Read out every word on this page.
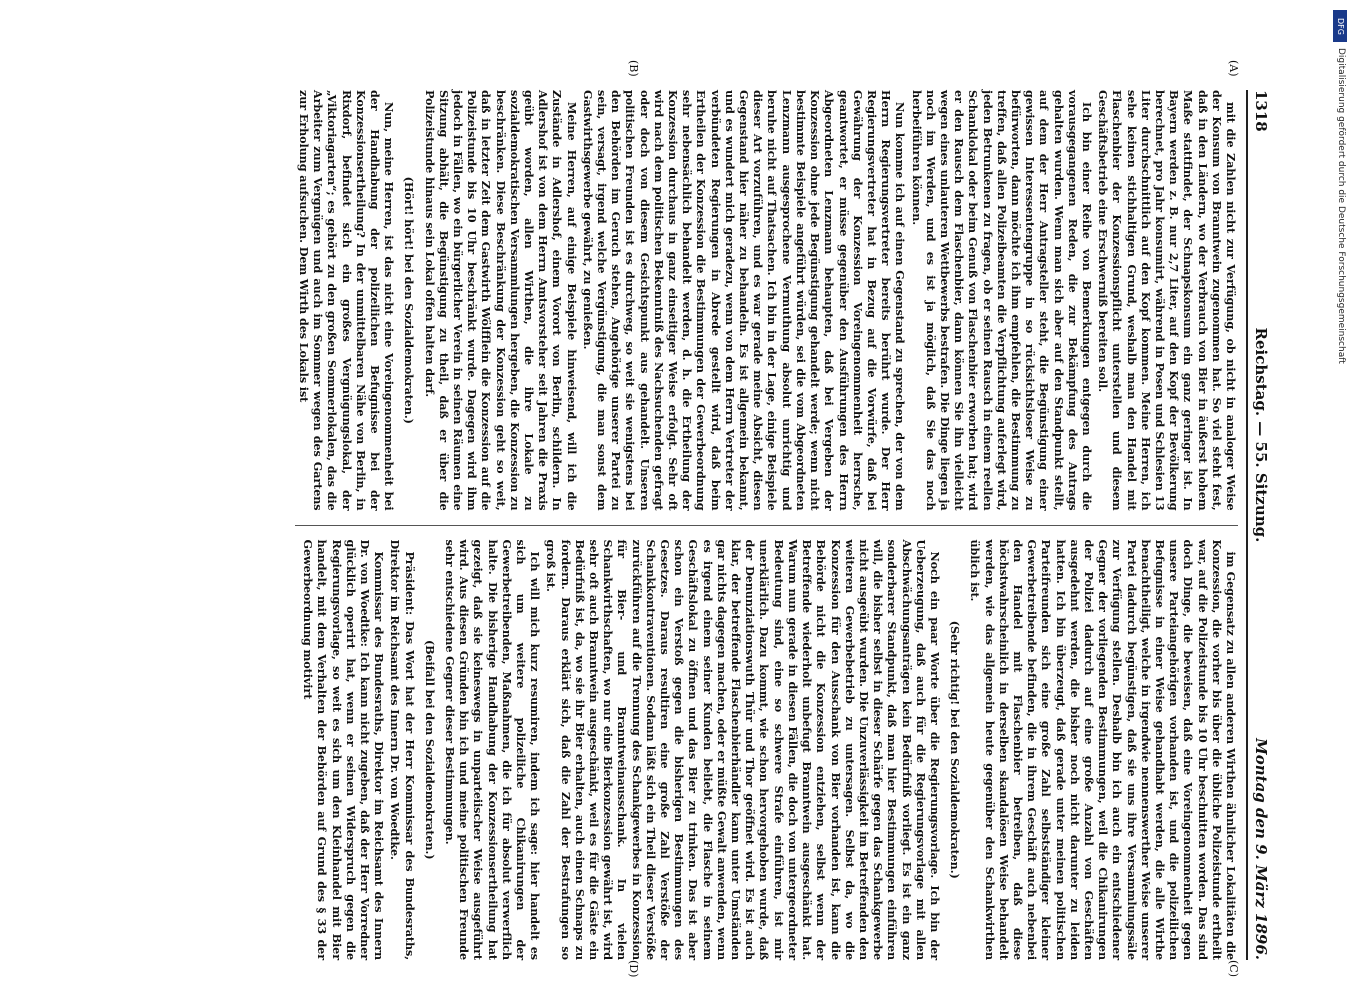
1318
Reichstag. — 55. Sitzung.
Montag den 9. März 1896.

mit die Zahlen nicht zur Verfügung, ob nicht in analoger Weise der Konsum von Branntwein zugenommen hat. So viel steht fest, daß in den Ländern, wo der Verbrauch von Bier in äußerst hohem Maße stattfindet, der Schnapskonsum ein ganz geringer ist. In Bayern werden z. B. nur 2,7 Liter, auf den Kopf der Bevölkerung berechnet, pro Jahr konsumirt, während in Posen und Schlesien 13 Liter durchschnittlich auf den Kopf kommen. Meine Herren, ich sehe keinen stichhaltigen Grund, weshalb man den Handel mit Flaschenbier der Konzessionspflicht unterstellen und diesem Geschäftsbetrieb eine Erschwerniß bereiten soll.

Ich bin einer Reihe von Bemerkungen entgegen durch die vorausgegangenen Reden, die zur Bekämpfung des Antrags gehalten wurden. Wenn man sich aber auf den Standpunkt stellt, auf dem der Herr Antragsteller steht, die Begünstigung einer gewissen Interessentengruppe in so rücksichtsloser Weise zu befürworten, dann möchte ich ihm empfehlen, die Bestimmung zu treffen, daß allen Polizeibeamten die Verpflichtung auferlegt wird, jeden Betrunkenen zu fragen, ob er seinen Rausch in einem reellen Schanklokal oder beim Genuß von Flaschenbier erworben hat; wird er den Rausch dem Flaschenbier, dann können Sie ihn vielleicht wegen eines unlauteren Wettbewerbs bestrafen. Die Dinge liegen ja noch im Werden, und es ist ja möglich, daß Sie das noch herbeiführen können.

Nun komme ich auf einen Gegenstand zu sprechen, der von dem Herrn Regierungsvertreter bereits berührt wurde. Der Herr Regierungsvertreter hat in Bezug auf die Vorwürfe, daß bei Gewährung der Konzession Voreingenommenheit herrsche, geantwortet, er müsse gegenüber den Ausführungen des Herrn Abgeordneten Lenzmann behaupten, daß bei Vergeben der Konzession ohne jede Begünstigung gehandelt werde; wenn nicht bestimmte Beispiele angeführt würden, sei die vom Abgeordneten Lenzmann ausgesprochene Vermuthung absolut unrichtig und beruhe nicht auf Thatsachen. Ich bin in der Lage, einige Beispiele dieser Art vorzuführen, und es war gerade meine Absicht, diesen Gegenstand hier näher zu behandeln. Es ist allgemein bekannt, und es wundert mich geradezu, wenn von dem Herrn Vertreter der verbündeten Regierungen in Abrede gestellt wird, daß beim Ertheilen der Konzession die Bestimmungen der Gewerbeordnung sehr nebensächlich behandelt werden, d. h. die Ertheilung der Konzession durchaus in ganz einseitiger Weise erfolgt. Sehr oft wird nach dem politischen Bekenntniß des Nachsuchenden gefragt oder doch von diesem Gesichtspunkt aus gehandelt. Unseren politischen Freunden ist es durchweg, so weit sie wenigstens bei den Behörden im Geruch stehen, Angehörige unserer Partei zu sein, versagt, irgend welche Vergünstigung, die man sonst dem Gastwirthsgewerbe gewährt, zu genießen.

Meine Herren, auf einige Beispiele hinweisend, will ich die Zustände in Adlershof, einem Vorort von Berlin, schildern. In Adlershof ist von dem Herrn Amtsvorsteher seit Jahren die Praxis geübt worden, allen Wirthen, die ihre Lokale zu sozialdemokratischen Versammlungen hergeben, die Konzession zu beschränken. Diese Beschränkung der Konzession geht so weit, daß in letzter Zeit dem Gastwirth Wölfflein die Konzession auf die Polizeistunde bis 10 Uhr beschränkt wurde. Dagegen wird ihm jedoch in Fällen, wo ein bürgerlicher Verein in seinen Räumen eine Sitzung abhält, die Begünstigung zu theil, daß er über die Polizeistunde hinaus sein Lokal offen halten darf.

(Hört! hört! bei den Sozialdemokraten.)

Nun, meine Herren, ist das nicht eine Voreingenommenheit bei der Handhabung der polizeilichen Befugnisse bei der Konzessionsertheilung? In der unmittelbaren Nähe von Berlin, in Rixdorf, befindet sich ein großes Vergnügungslokal, der „Viktoriagarten“; es gehört zu den großen Sommerlokalen, das die Arbeiter zum Vergnügen und auch im Sommer wegen des Gartens zur Erholung aufsuchen. Dem Wirth des Lokals ist

im Gegensatz zu allen anderen Wirthen ähnlicher Lokalitäten die Konzession, die vorher bis über die übliche Polizeistunde ertheilt war, auf die Polizeistunde bis 10 Uhr beschnitten worden. Das sind doch Dinge, die beweisen, daß eine Voreingenommenheit gegen unsere Parteiangehörigen vorhanden ist, und die polizeilichen Befugnisse in einer Weise gehandhabt werden, die alle Wirthe benachtheiligt, welche in irgendwie nennenswerther Weise unserer Partei dadurch begünstigen, daß sie uns ihre Versammlungssäle zur Verfügung stellen. Deshalb bin ich auch ein entschiedener Gegner der vorliegenden Bestimmungen, weil die Chikanirungen der Polizei dadurch auf eine große Anzahl von Geschäften ausgedehnt werden, die bisher noch nicht darunter zu leiden hatten. Ich bin überzeugt, daß gerade unter meinen politischen Parteifreunden sich eine große Zahl selbstständiger kleiner Gewerbetreibende befinden, die in ihrem Geschäft auch nebenbei den Handel mit Flaschenbier betreiben, daß diese höchstwahrscheinlich in derselben skandalösen Weise behandelt werden, wie das allgemein heute gegenüber den Schankwirthen üblich ist.

(Sehr richtig! bei den Sozialdemokraten.)

Noch ein paar Worte über die Regierungsvorlage. Ich bin der Ueberzeugung, daß auch für die Regierungsvorlage mit allen Abschwächungsanträgen kein Bedürfniß vorliegt. Es ist ein ganz sonderbarer Standpunkt, daß man hier Bestimmungen einführen will, die bisher selbst in dieser Schärfe gegen das Schankgewerbe nicht ausgeübt wurden. Die Unzuverlässigkeit im Betreffenden den weiteren Gewerbebetrieb zu untersagen. Selbst da, wo die Konzession für den Ausschank von Bier vorhanden ist, kann die Behörde nicht die Konzession entziehen, selbst wenn der Betreffende wiederholt unbefugt Branntwein ausgeschänkt hat. Warum nun gerade in diesen Fällen, die doch von untergeordneter Bedeutung sind, eine so schwere Strafe einführen, ist mir unerklärlich. Dazu kommt, wie schon hervorgehoben wurde, daß der Denunziationswuth Thür und Thor geöffnet wird. Es ist auch klar, der betreffende Flaschenbierhändler kann unter Umständen gar nichts dagegen machen, oder er müßte Gewalt anwenden, wenn es irgend einem seiner Kunden beliebt, die Flasche in seinem Geschäftslokal zu öffnen und das Bier zu trinken. Das ist aber schon ein Verstoß gegen die bisherigen Bestimmungen des Gesetzes. Daraus resultiren eine große Zahl Verstöße der Schankkontraventionen. Sodann läßt sich ein Theil dieser Verstöße zurückführen auf die Trennung des Schankgewerbes in Konzession für Bier- und Branntweinausschank. In vielen Schankwirthschaften, wo nur eine Bierkonzession gewährt ist, wird sehr oft auch Branntwein ausgeschänkt, weil es für die Gäste ein Bedürfniß ist, da, wo sie ihr Bier erhalten, auch einen Schnaps zu fordern. Daraus erklärt sich, daß die Zahl der Bestrafungen so groß ist.

Ich will mich kurz resumiren, indem ich sage: hier handelt es sich um weitere polizeiliche Chikanirungen der Gewerbetreibenden, Maßnahmen, die ich für absolut verwerflich halte. Die bisherige Handhabung der Konzessionsertheilung hat gezeigt, daß sie keineswegs in unparteiischer Weise ausgeführt wird. Aus diesen Gründen bin ich und meine politischen Freunde sehr entschiedene Gegner dieser Bestimmungen.

(Beifall bei den Sozialdemokraten.)

Präsident: Das Wort hat der Herr Kommissar des Bundesraths, Direktor im Reichsamt des Innern Dr. von Woedtke.

Kommissar des Bundesraths, Direktor im Reichsamt des Innern Dr. von Woedtke: Ich kann nicht zugeben, daß der Herr Vorredner glücklich operirt hat, wenn er seinen Widerspruch gegen die Regierungsvorlage, so weit es sich um den Kleinhandel mit Bier handelt, mit dem Verhalten der Behörden auf Grund des § 33 der Gewerbeordnung motivirt

(A)
(B)
(C)
(D)
DFG
Digitalisierung gefördert durch die Deutsche Forschungsgemeinschaft
